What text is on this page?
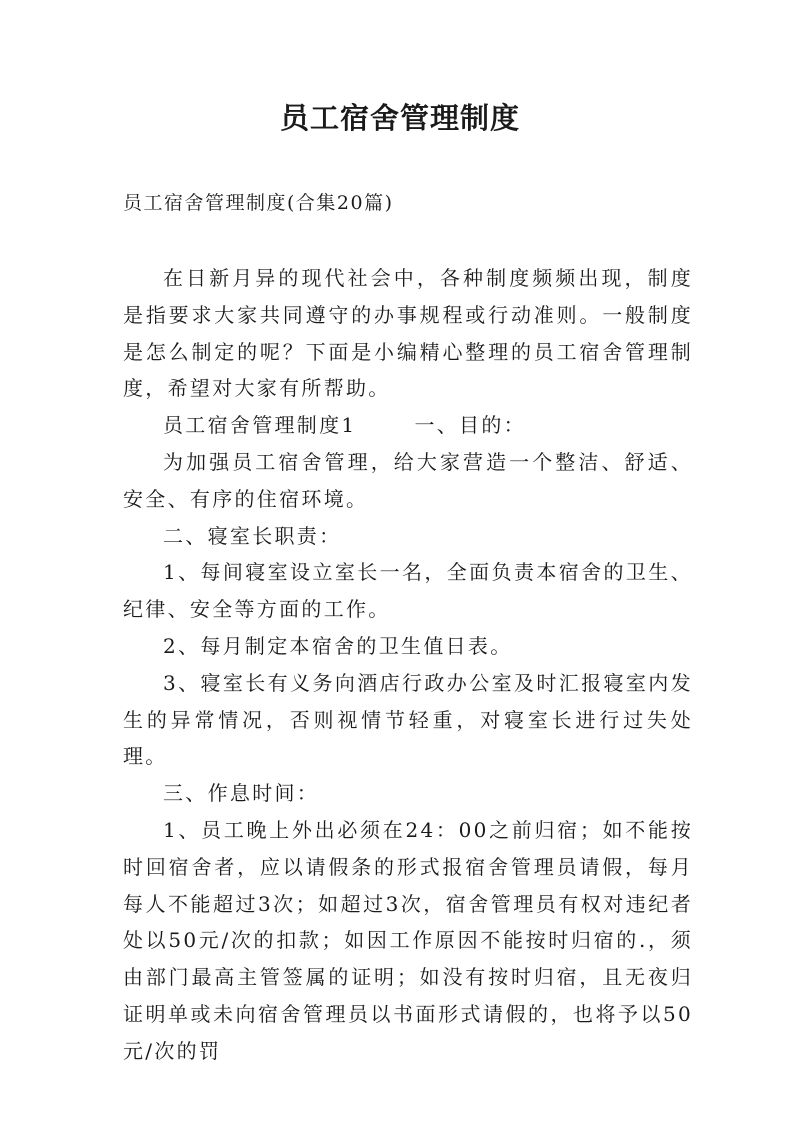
员工宿舍管理制度
员工宿舍管理制度(合集20篇)

在日新月异的现代社会中，各种制度频频出现，制度是指要求大家共同遵守的办事规程或行动准则。一般制度是怎么制定的呢？下面是小编精心整理的员工宿舍管理制度，希望对大家有所帮助。

员工宿舍管理制度1	一、目的：

为加强员工宿舍管理，给大家营造一个整洁、舒适、安全、有序的住宿环境。

二、寝室长职责：

1、每间寝室设立室长一名，全面负责本宿舍的卫生、纪律、安全等方面的工作。

2、每月制定本宿舍的卫生值日表。

3、寝室长有义务向酒店行政办公室及时汇报寝室内发生的异常情况，否则视情节轻重，对寝室长进行过失处理。

三、作息时间：

1、员工晚上外出必须在24：00之前归宿；如不能按时回宿舍者，应以请假条的形式报宿舍管理员请假，每月每人不能超过3次；如超过3次，宿舍管理员有权对违纪者处以50元/次的扣款；如因工作原因不能按时归宿的.，须由部门最高主管签属的证明；如没有按时归宿，且无夜归证明单或未向宿舍管理员以书面形式请假的，也将予以50元/次的罚
